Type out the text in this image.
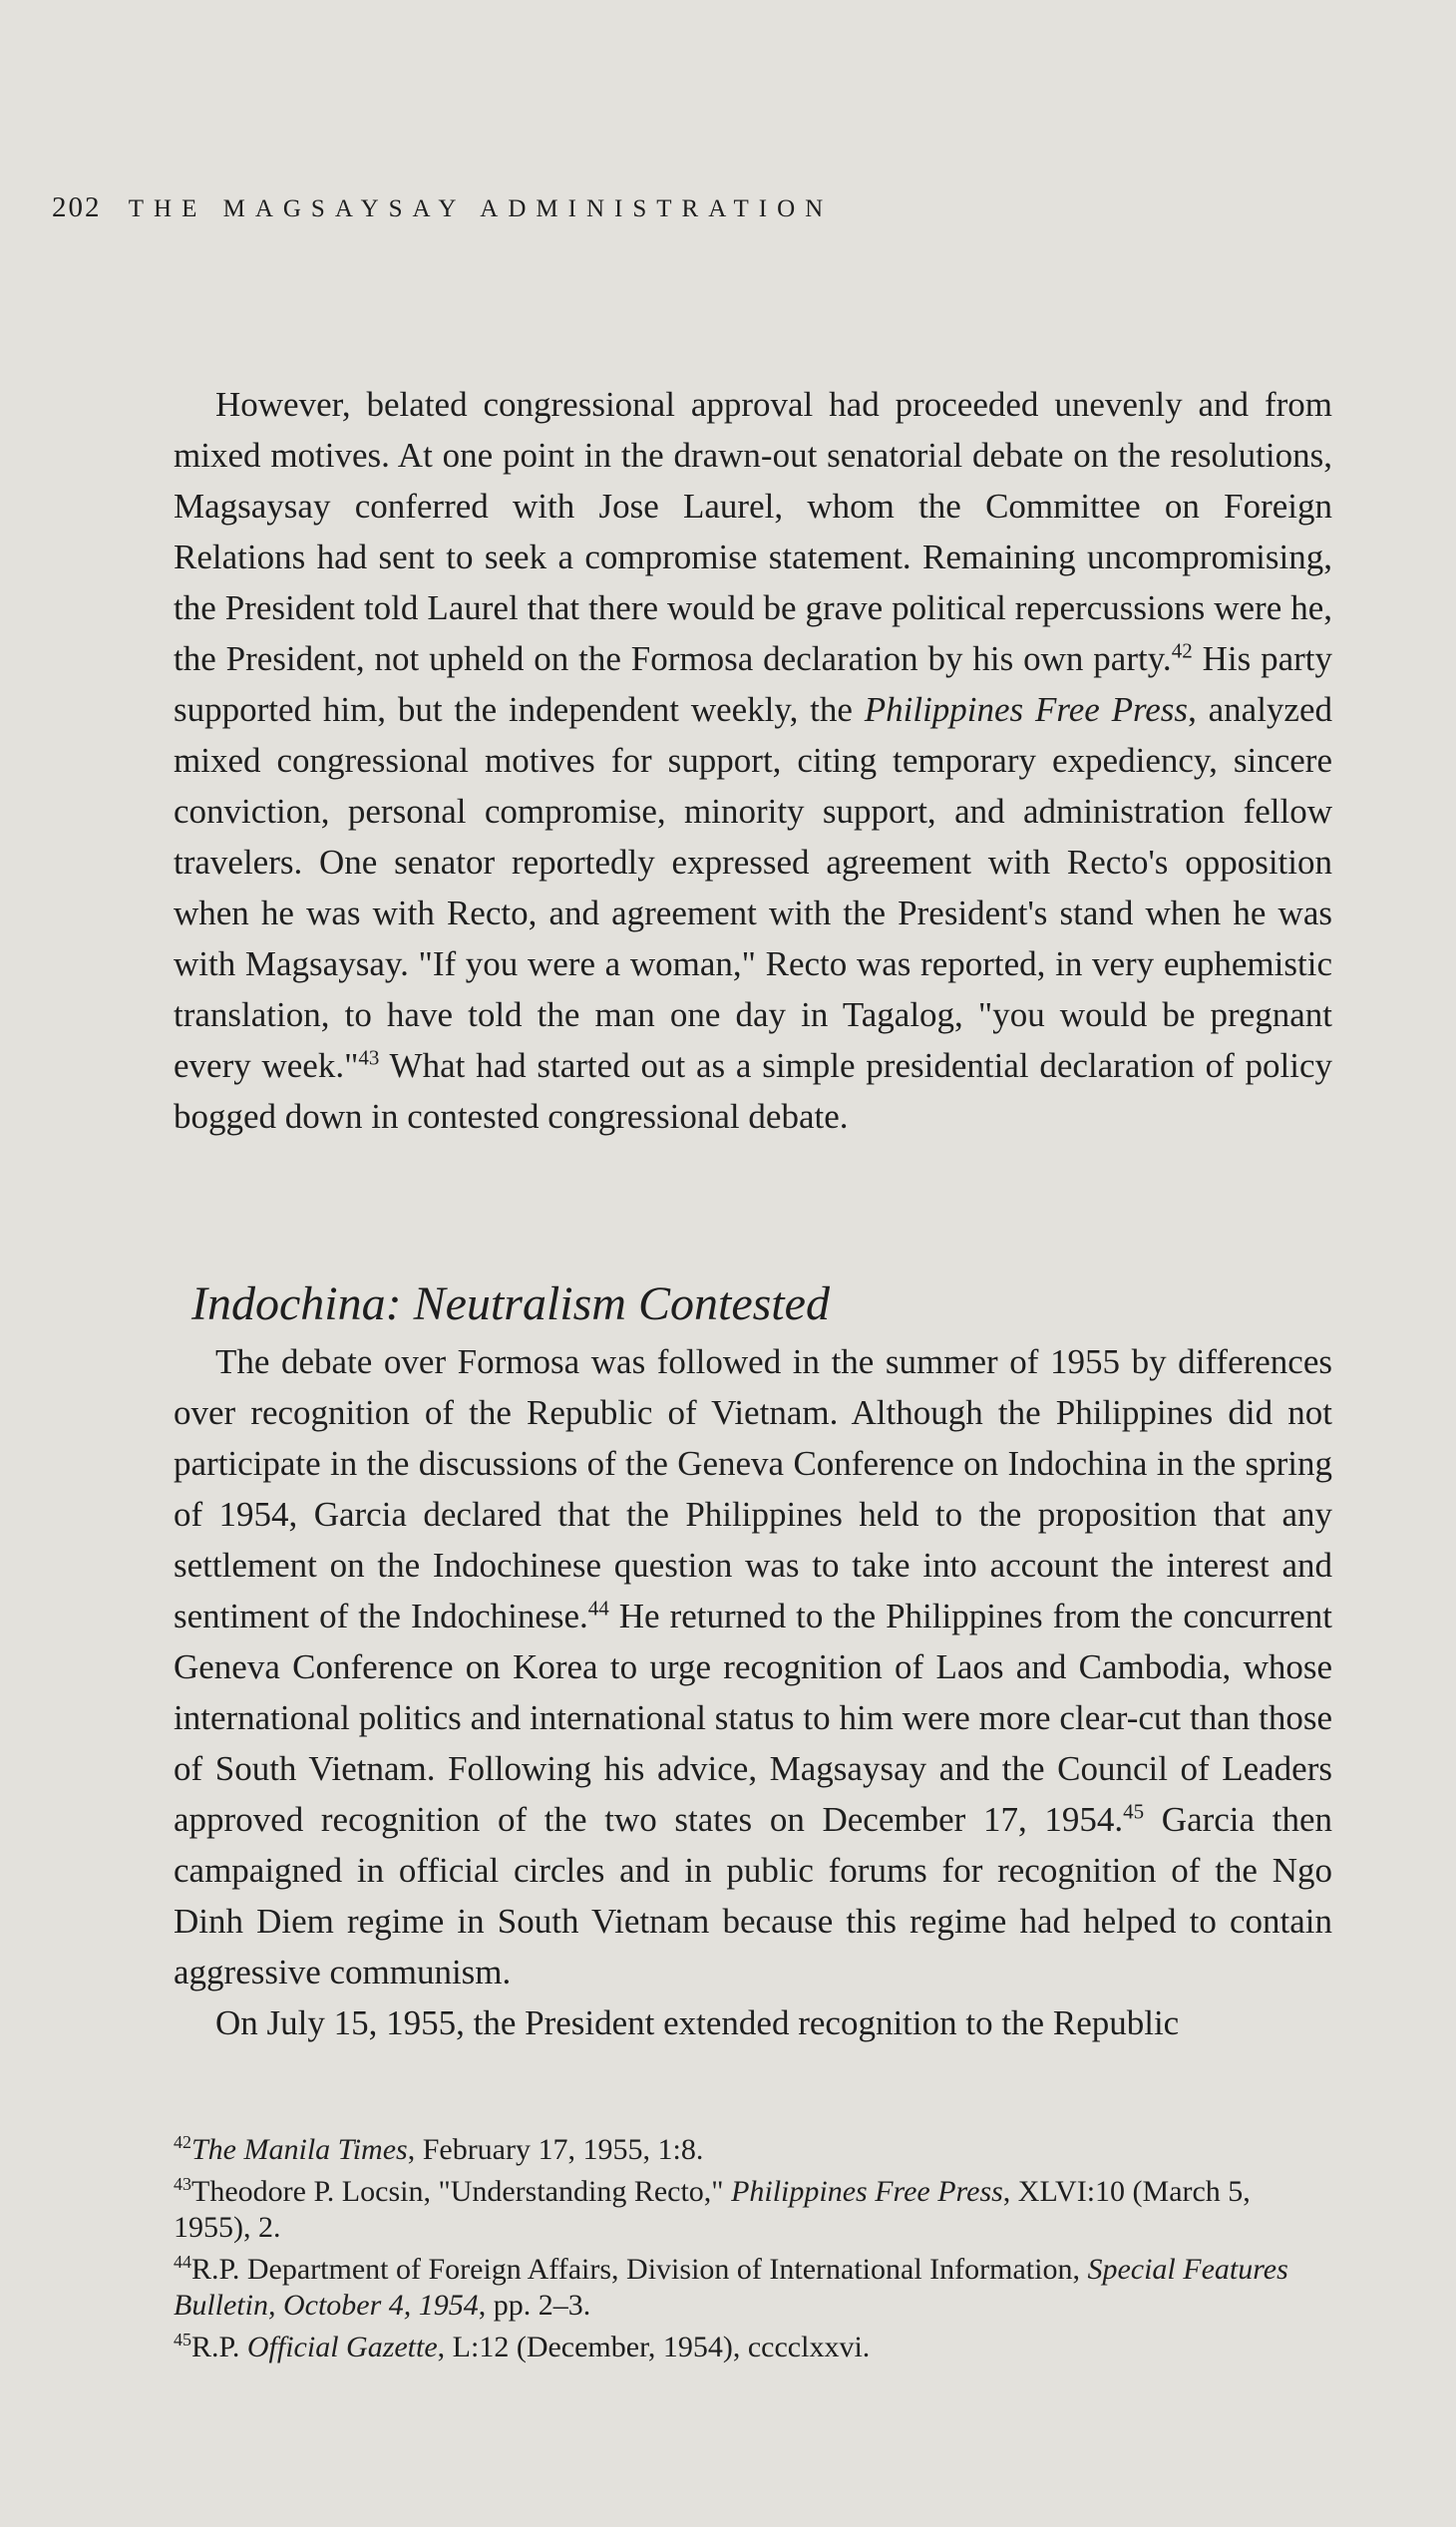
202 THE MAGSAYSAY ADMINISTRATION

However, belated congressional approval had proceeded unevenly and from mixed motives. At one point in the drawn-out senatorial debate on the resolutions, Magsaysay conferred with Jose Laurel, whom the Committee on Foreign Relations had sent to seek a compromise statement. Remaining uncompromising, the President told Laurel that there would be grave political repercussions were he, the President, not upheld on the Formosa declaration by his own party.$^{42}$ His party supported him, but the independent weekly, the Philippines Free Press, analyzed mixed congressional motives for support, citing temporary expediency, sincere conviction, personal compromise, minority support, and administration fellow travelers. One senator reportedly expressed agreement with Recto's opposition when he was with Recto, and agreement with the President's stand when he was with Magsaysay. "If you were a woman," Recto was reported, in very euphemistic translation, to have told the man one day in Tagalog, "you would be pregnant every week."$^{43}$ What had started out as a simple presidential declaration of policy bogged down in contested congressional debate.

Indochina: Neutralism Contested

The debate over Formosa was followed in the summer of 1955 by differences over recognition of the Republic of Vietnam. Although the Philippines did not participate in the discussions of the Geneva Conference on Indochina in the spring of 1954, Garcia declared that the Philippines held to the proposition that any settlement on the Indochinese question was to take into account the interest and sentiment of the Indochinese.$^{44}$ He returned to the Philippines from the concurrent Geneva Conference on Korea to urge recognition of Laos and Cambodia, whose international politics and international status to him were more clear-cut than those of South Vietnam. Following his advice, Magsaysay and the Council of Leaders approved recognition of the two states on December 17, 1954.45 Garcia then campaigned in official circles and in public forums for recognition of the Ngo Dinh Diem regime in South Vietnam because this regime had helped to contain aggressive communism.

On July 15, 1955, the President extended recognition to the Republic

$^{42}$The Manila Times, February 17, 1955, 1:8.

$^{43}$Theodore P. Locsin, "Understanding Recto," Philippines Free Press, XLVI:10 (March 5, 1955), 2.

$^{44}$R.P. Department of Foreign Affairs, Division of International Information, Special Features Bulletin, October 4, 1954, pp. 2–3.

$^{45}$R.P. Official Gazette, L:12 (December, 1954), cccclxxvi.
